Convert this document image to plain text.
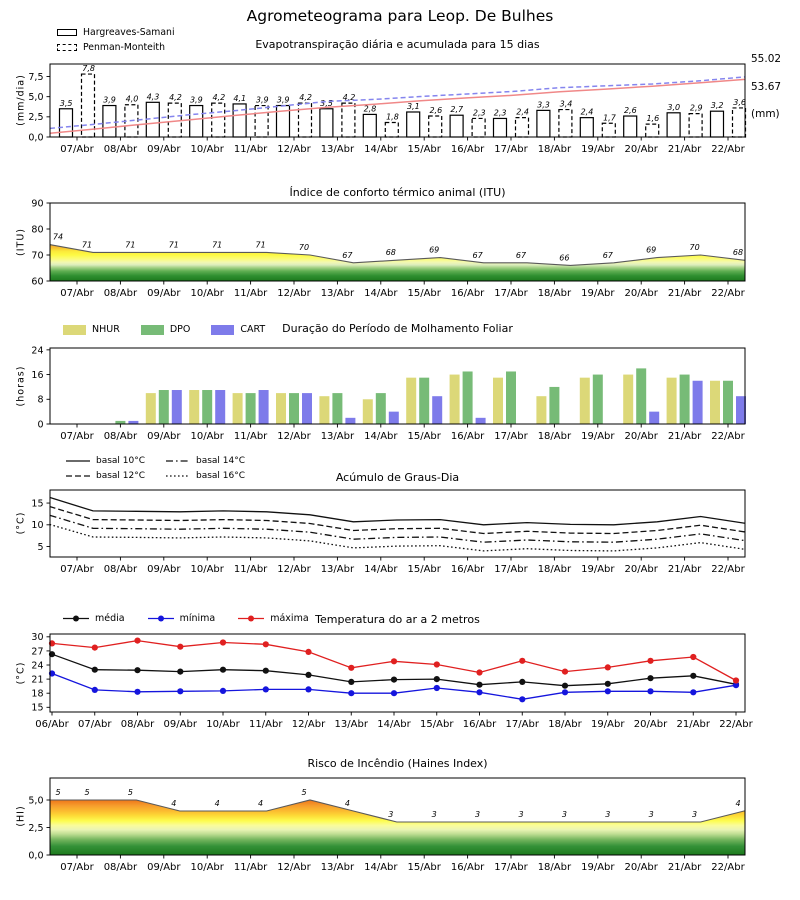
3,5	3,9	4,3	3,9	4,1	3,9	3,5
2,8	3,1	2,7	2,3
3,3
2,4	2,6	3,0	3,2
7,8
4,0	4,2	4,2	3,9	4,2	4,2
1,8
2,6	2,3	2,4
3,4
1,7	1,6
2,9
3,6
55.02
53.67
(mm)
07/Abr 08/Abr 09/Abr 10/Abr 11/Abr 12/Abr 13/Abr 14/Abr 15/Abr 16/Abr 17/Abr 18/Abr 19/Abr 20/Abr 21/Abr 22/Abr
0,0
2,5
5,0
7,5
74
71	71	71	71	71	70
67	68	69
67	67	66	67
69	70
68
07/Abr 08/Abr 09/Abr 10/Abr 11/Abr 12/Abr 13/Abr 14/Abr 15/Abr 16/Abr 17/Abr 18/Abr 19/Abr 20/Abr 21/Abr 22/Abr
60
70
80
90
07/Abr 08/Abr 09/Abr 10/Abr 11/Abr 12/Abr 13/Abr 14/Abr 15/Abr 16/Abr 17/Abr 18/Abr 19/Abr 20/Abr 21/Abr 22/Abr
0
8
16
24
07/Abr 08/Abr 09/Abr 10/Abr 11/Abr 12/Abr 13/Abr 14/Abr 15/Abr 16/Abr 17/Abr 18/Abr 19/Abr 20/Abr 21/Abr 22/Abr
5
10
15
06/Abr 07/Abr 08/Abr 09/Abr 10/Abr 11/Abr 12/Abr 13/Abr 14/Abr 15/Abr 16/Abr 17/Abr 18/Abr 19/Abr 20/Abr 21/Abr 22/Abr
15
18
21
24
27
30
5	5	5
4	4	4
5
4
3	3	3	3	3	3	3	3
4
07/Abr 08/Abr 09/Abr 10/Abr 11/Abr 12/Abr 13/Abr 14/Abr 15/Abr 16/Abr 17/Abr 18/Abr 19/Abr 20/Abr 21/Abr 22/Abr
0,0
2,5
5,0
Agrometeograma para Leop. De Bulhes
Evapotranspiração diária e acumulada para 15 dias
Índice de conforto térmico animal (ITU)
Duração do Período de Molhamento Foliar
Acúmulo de Graus-Dia
Temperatura do ar a 2 metros
Risco de Incêndio (Haines Index)
(mm/dia)
(ITU)
(horas)
(°C)
(°C)
(HI)
Hargreaves-Samani
Penman-Monteith
NHUR	DPO	CART
basal 10°C
basal 12°C
basal 14°C
basal 16°C
média	mínima	máxima
